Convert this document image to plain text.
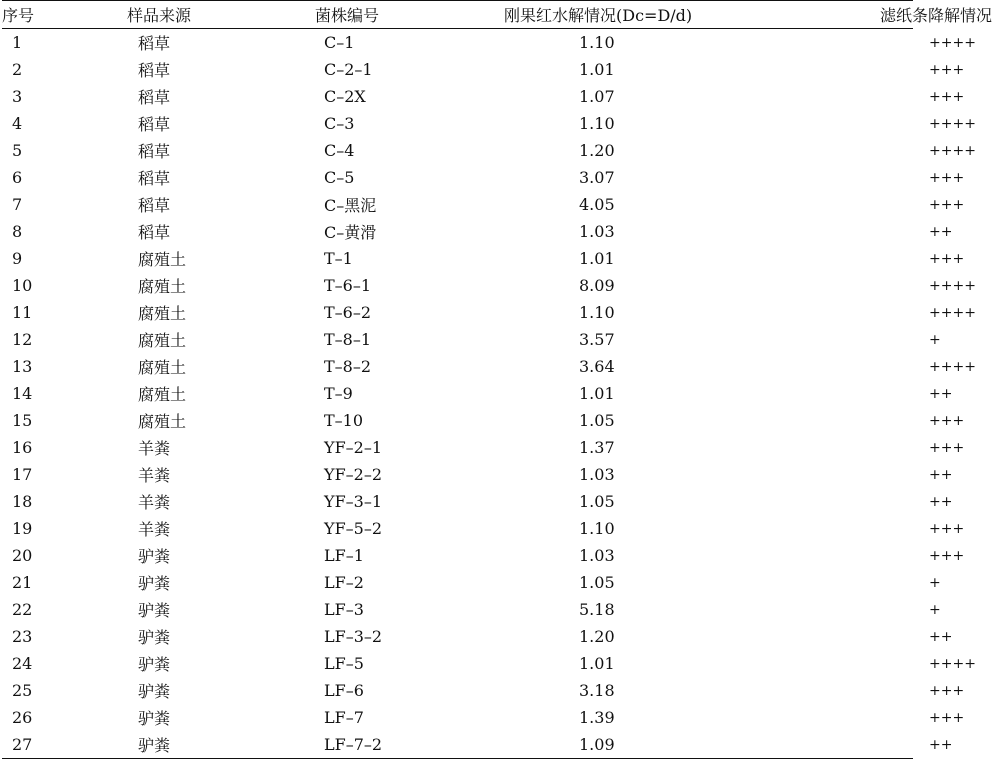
序号	样品来源	菌株编号	刚果红水解情况(Dc=D/d)	滤纸条降解情况
1	稻草	C–1	1.10	++++
2	稻草	C–2–1	1.01	+++
3	稻草	C–2X	1.07	+++
4	稻草	C–3	1.10	++++
5	稻草	C–4	1.20	++++
6	稻草	C–5	3.07	+++
7	稻草	C–黑泥	4.05	+++
8	稻草	C–黄滑	1.03	++
9	腐殖土	T–1	1.01	+++
10	腐殖土	T–6–1	8.09	++++
11	腐殖土	T–6–2	1.10	++++
12	腐殖土	T–8–1	3.57	+
13	腐殖土	T–8–2	3.64	++++
14	腐殖土	T–9	1.01	++
15	腐殖土	T–10	1.05	+++
16	羊粪	YF–2–1	1.37	+++
17	羊粪	YF–2–2	1.03	++
18	羊粪	YF–3–1	1.05	++
19	羊粪	YF–5–2	1.10	+++
20	驴粪	LF–1	1.03	+++
21	驴粪	LF–2	1.05	+
22	驴粪	LF–3	5.18	+
23	驴粪	LF–3–2	1.20	++
24	驴粪	LF–5	1.01	++++
25	驴粪	LF–6	3.18	+++
26	驴粪	LF–7	1.39	+++
27	驴粪	LF–7–2	1.09	++
